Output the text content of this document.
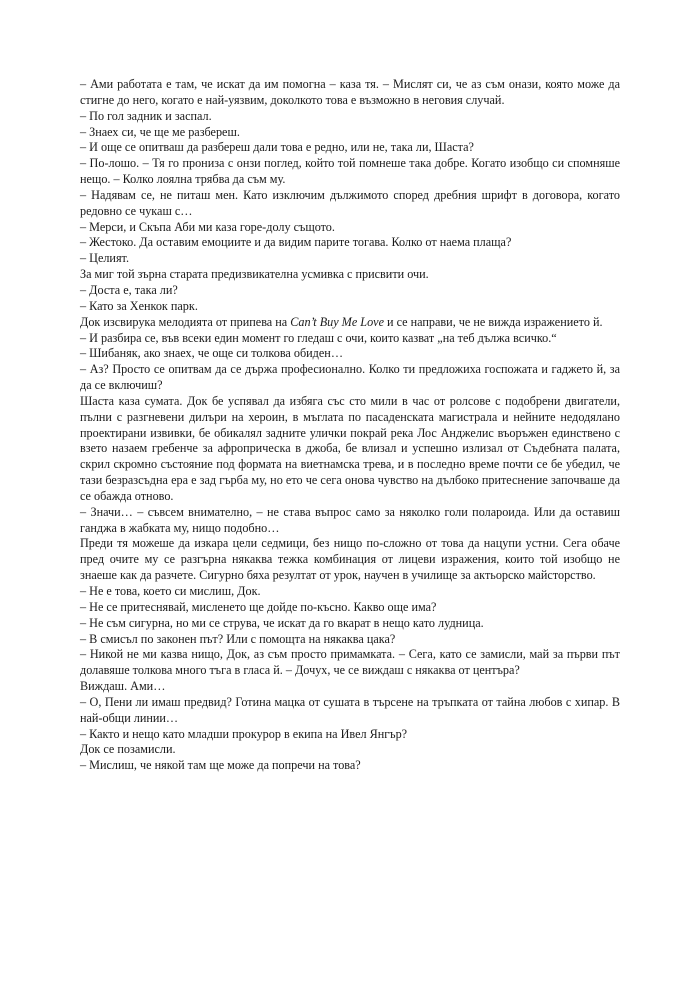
– Ами работата е там, че искат да им помогна – каза тя. – Мислят си, че аз съм онази, която може да стигне до него, когато е най-уязвим, доколкото това е възможно в неговия случай.

– По гол задник и заспал.

– Знаех си, че ще ме разбереш.

– И още се опитваш да разбереш дали това е редно, или не, така ли, Шаста?

– По-лошо. – Тя го прониза с онзи поглед, който той помнеше така добре. Когато изобщо си спомняше нещо. – Колко лоялна трябва да съм му.

– Надявам се, не питаш мен. Като изключим дължимото според дребния шрифт в договора, когато редовно се чукаш с…

– Мерси, и Скъпа Аби ми каза горе-долу същото.

– Жестоко. Да оставим емоциите и да видим парите тогава. Колко от наема плаща?

– Целият.

За миг той зърна старата предизвикателна усмивка с присвити очи.

– Доста е, така ли?

– Като за Хенкок парк.

Док изсвирука мелодията от припева на Can’t Buy Me Love и се направи, че не вижда изражението й.

– И разбира се, във всеки един момент го гледаш с очи, които казват „на теб дължа всичко.“

– Шибаняк, ако знаех, че още си толкова обиден…

– Аз? Просто се опитвам да се държа професионално. Колко ти предложиха госпожата и гаджето й, за да се включиш?

Шаста каза сумата. Док бе успявал да избяга със сто мили в час от ролсове с подобрени двигатели, пълни с разгневени дилъри на хероин, в мъглата по пасаденската магистрала и нейните недодялано проектирани извивки, бе обикалял задните улички покрай река Лос Анджелис въоръжен единствено с взето назаем гребенче за афроприческа в джоба, бе влизал и успешно излизал от Съдебната палата, скрил скромно състояние под формата на виетнамска трева, и в последно време почти се бе убедил, че тази безразсъдна ера е зад гърба му, но ето че сега онова чувство на дълбоко притеснение започваше да се обажда отново.

– Значи… – съвсем внимателно, – не става въпрос само за няколко голи полароида. Или да оставиш ганджа в жабката му, нищо подобно…

Преди тя можеше да изкара цели седмици, без нищо по-сложно от това да нацупи устни. Сега обаче пред очите му се разгърна някаква тежка комбинация от лицеви изражения, които той изобщо не знаеше как да разчете. Сигурно бяха резултат от урок, научен в училище за актьорско майсторство.

– Не е това, което си мислиш, Док.

– Не се притеснявай, мисленето ще дойде по-късно. Какво още има?

– Не съм сигурна, но ми се струва, че искат да го вкарат в нещо като лудница.

– В смисъл по законен път? Или с помощта на някаква цака?

– Никой не ми казва нищо, Док, аз съм просто примамката. – Сега, като се замисли, май за първи път долавяше толкова много тъга в гласа й. – Дочух, че се виждаш с някаква от центъра?

Виждаш. Ами…

– О, Пени ли имаш предвид? Готина мацка от сушата в търсене на тръпката от тайна любов с хипар. В най-общи линии…

– Както и нещо като младши прокурор в екипа на Ивел Янгър?

Док се позамисли.

– Мислиш, че някой там ще може да попречи на това?
